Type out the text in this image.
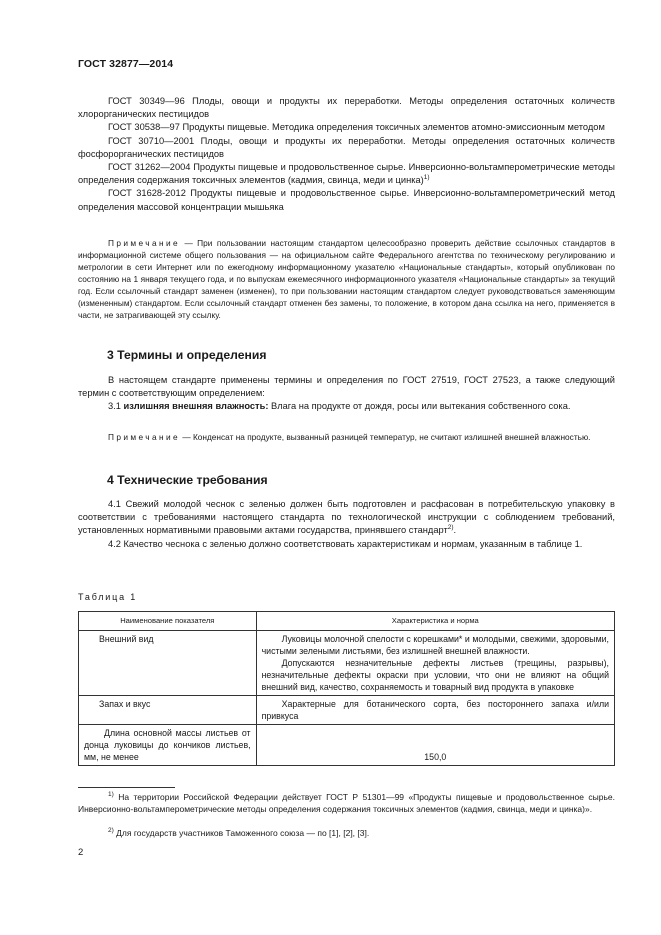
ГОСТ 32877—2014

ГОСТ 30349—96 Плоды, овощи и продукты их переработки. Методы определения остаточных количеств хлорорганических пестицидов

ГОСТ 30538—97 Продукты пищевые. Методика определения токсичных элементов атомно-эмиссионным методом

ГОСТ 30710—2001 Плоды, овощи и продукты их переработки. Методы определения остаточных количеств фосфорорганических пестицидов

ГОСТ 31262—2004 Продукты пищевые и продовольственное сырье. Инверсионно-вольтамперометрические методы определения содержания токсичных элементов (кадмия, свинца, меди и цинка)$^{1)}$

ГОСТ 31628-2012 Продукты пищевые и продовольственное сырье. Инверсионно-вольтамперометрический метод определения массовой концентрации мышьяка

Примечание — При пользовании настоящим стандартом целесообразно проверить действие ссылочных стандартов в информационной системе общего пользования — на официальном сайте Федерального агентства по техническому регулированию и метрологии в сети Интернет или по ежегодному информационному указателю «Национальные стандарты», который опубликован по состоянию на 1 января текущего года, и по выпускам ежемесячного информационного указателя «Национальные стандарты» за текущий год. Если ссылочный стандарт заменен (изменен), то при пользовании настоящим стандартом следует руководствоваться заменяющим (измененным) стандартом. Если ссылочный стандарт отменен без замены, то положение, в котором дана ссылка на него, применяется в части, не затрагивающей эту ссылку.

3 Термины и определения

В настоящем стандарте применены термины и определения по ГОСТ 27519, ГОСТ 27523, а также следующий термин с соответствующим определением:

3.1 излишняя внешняя влажность: Влага на продукте от дождя, росы или вытекания собственного сока.

Примечание — Конденсат на продукте, вызванный разницей температур, не считают излишней внешней влажностью.

4 Технические требования

4.1 Свежий молодой чеснок с зеленью должен быть подготовлен и расфасован в потребительскую упаковку в соответствии с требованиями настоящего стандарта по технологической инструкции с соблюдением требований, установленных нормативными правовыми актами государства, принявшего стандарт$^{2)}$.

4.2 Качество чеснока с зеленью должно соответствовать характеристикам и нормам, указанным в таблице 1.

Таблица 1
Наименование показателя	Характеристика и норма
Внешний вид	Луковицы молочной спелости с корешками* и молодыми, свежими, здоровыми, чистыми зелеными листьями, без излишней внешней влажности.

Допускаются незначительные дефекты листьев (трещины, разрывы), незначительные дефекты окраски при условии, что они не влияют на общий внешний вид, качество, сохраняемость и товарный вид продукта в упаковке

Запах и вкус	Характерные для ботанического сорта, без постороннего запаха и/или привкуса

Длина основной массы листьев от донца луковицы до кончиков листьев, мм, не менее	150,0

$^{1)}$ На территории Российской Федерации действует ГОСТ Р 51301—99 «Продукты пищевые и продовольственное сырье. Инверсионно-вольтамперометрические методы определения содержания токсичных элементов (кадмия, свинца, меди и цинка)».

$^{2)}$ Для государств участников Таможенного союза — по [1], [2], [3].

2
